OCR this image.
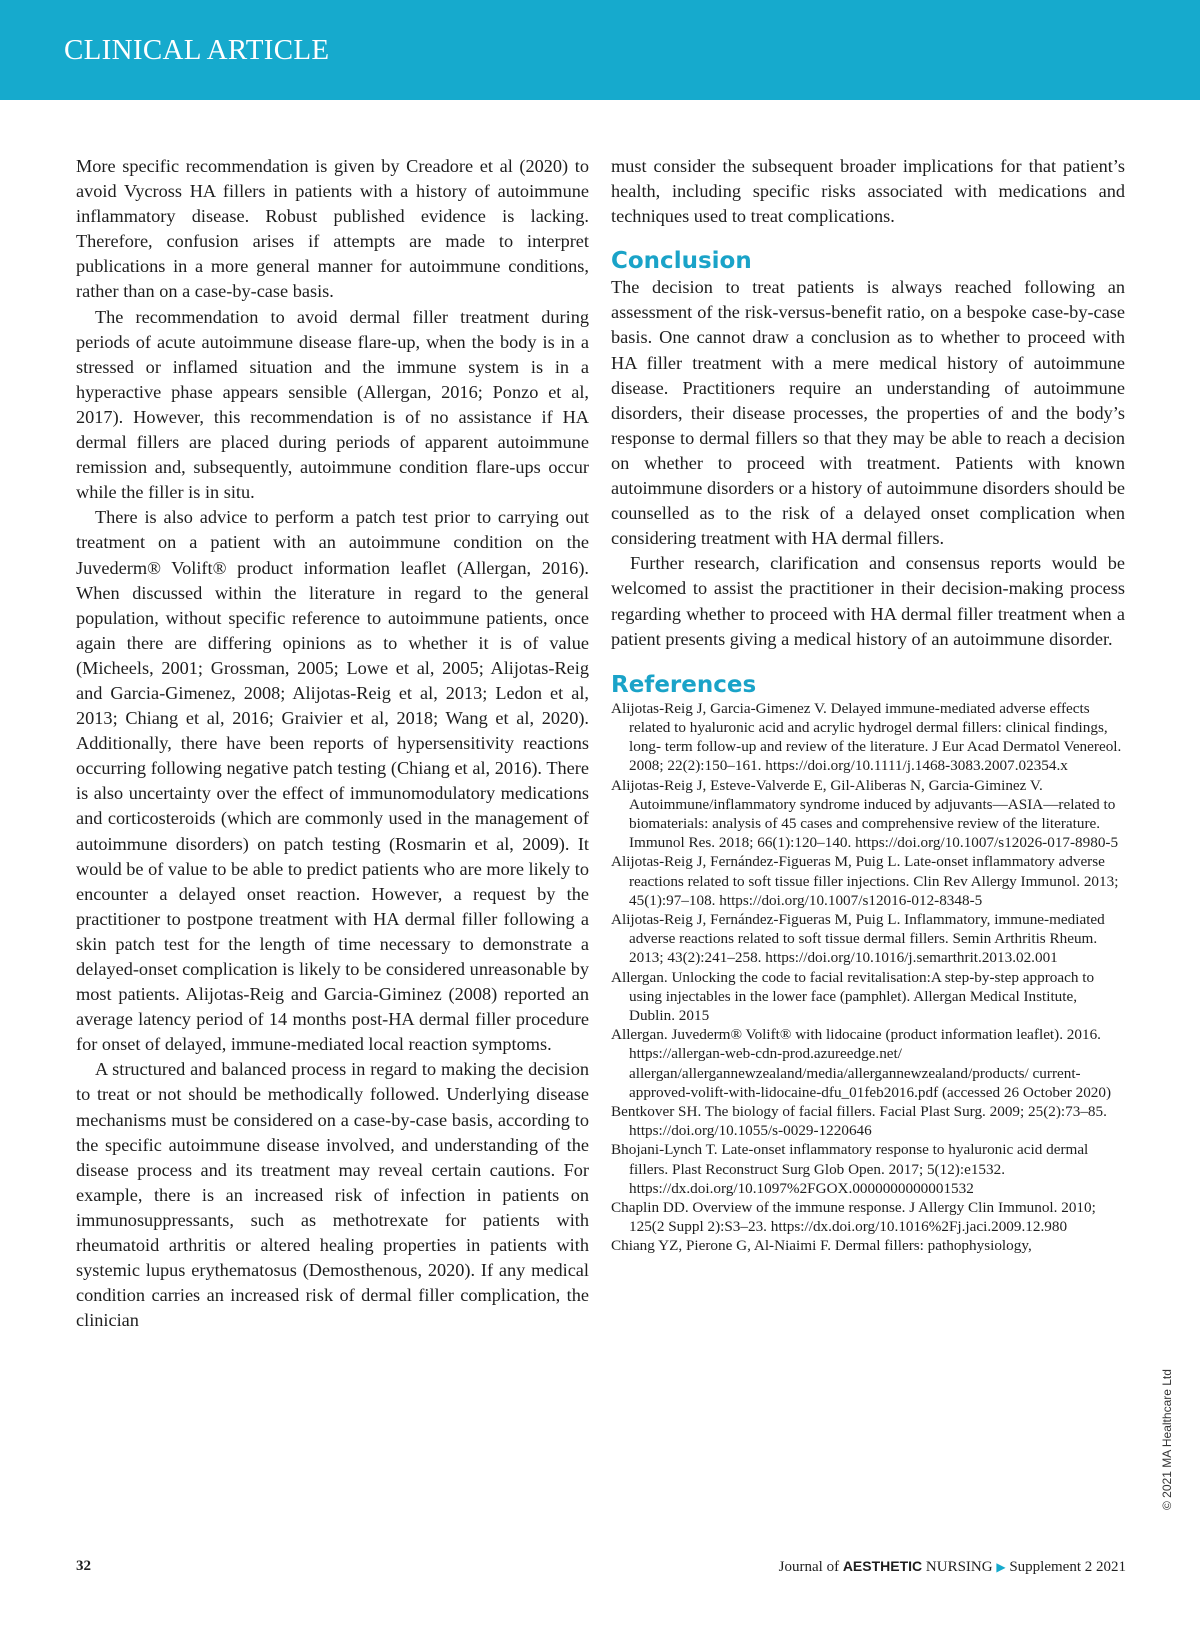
CLINICAL ARTICLE

More specific recommendation is given by Creadore et al (2020) to avoid Vycross HA fillers in patients with a history of autoimmune inflammatory disease. Robust published evidence is lacking. Therefore, confusion arises if attempts are made to interpret publications in a more general manner for autoimmune conditions, rather than on a case-by-case basis.

The recommendation to avoid dermal filler treatment during periods of acute autoimmune disease flare-up, when the body is in a stressed or inflamed situation and the immune system is in a hyperactive phase appears sensible (Allergan, 2016; Ponzo et al, 2017). However, this recommendation is of no assistance if HA dermal fillers are placed during periods of apparent autoimmune remission and, subsequently, autoimmune condition flare-ups occur while the filler is in situ.

There is also advice to perform a patch test prior to carrying out treatment on a patient with an autoimmune condition on the Juvederm® Volift® product information leaflet (Allergan, 2016). When discussed within the literature in regard to the general population, without specific reference to autoimmune patients, once again there are differing opinions as to whether it is of value (Micheels, 2001; Grossman, 2005; Lowe et al, 2005; Alijotas-Reig and Garcia-Gimenez, 2008; Alijotas-Reig et al, 2013; Ledon et al, 2013; Chiang et al, 2016; Graivier et al, 2018; Wang et al, 2020). Additionally, there have been reports of hypersensitivity reactions occurring following negative patch testing (Chiang et al, 2016). There is also uncertainty over the effect of immunomodulatory medications and corticosteroids (which are commonly used in the management of autoimmune disorders) on patch testing (Rosmarin et al, 2009). It would be of value to be able to predict patients who are more likely to encounter a delayed onset reaction. However, a request by the practitioner to postpone treatment with HA dermal filler following a skin patch test for the length of time necessary to demonstrate a delayed-onset complication is likely to be considered unreasonable by most patients. Alijotas-Reig and Garcia-Giminez (2008) reported an average latency period of 14 months post-HA dermal filler procedure for onset of delayed, immune-mediated local reaction symptoms.

A structured and balanced process in regard to making the decision to treat or not should be methodically followed. Underlying disease mechanisms must be considered on a case-by-case basis, according to the specific autoimmune disease involved, and understanding of the disease process and its treatment may reveal certain cautions. For example, there is an increased risk of infection in patients on immunosuppressants, such as methotrexate for patients with rheumatoid arthritis or altered healing properties in patients with systemic lupus erythematosus (Demosthenous, 2020). If any medical condition carries an increased risk of dermal filler complication, the clinician

must consider the subsequent broader implications for that patient’s health, including specific risks associated with medications and techniques used to treat complications.

Conclusion

The decision to treat patients is always reached following an assessment of the risk-versus-benefit ratio, on a bespoke case-by-case basis. One cannot draw a conclusion as to whether to proceed with HA filler treatment with a mere medical history of autoimmune disease. Practitioners require an understanding of autoimmune disorders, their disease processes, the properties of and the body’s response to dermal fillers so that they may be able to reach a decision on whether to proceed with treatment. Patients with known autoimmune disorders or a history of autoimmune disorders should be counselled as to the risk of a delayed onset complication when considering treatment with HA dermal fillers.

Further research, clarification and consensus reports would be welcomed to assist the practitioner in their decision-making process regarding whether to proceed with HA dermal filler treatment when a patient presents giving a medical history of an autoimmune disorder.

References

Alijotas-Reig J, Garcia-Gimenez V. Delayed immune-mediated adverse effects related to hyaluronic acid and acrylic hydrogel dermal fillers: clinical findings, long- term follow-up and review of the literature. J Eur Acad Dermatol Venereol. 2008; 22(2):150–161. https://doi.org/10.1111/j.1468-3083.2007.02354.x

Alijotas-Reig J, Esteve-Valverde E, Gil-Aliberas N, Garcia-Giminez V. Autoimmune/inflammatory syndrome induced by adjuvants—ASIA—related to biomaterials: analysis of 45 cases and comprehensive review of the literature. Immunol Res. 2018; 66(1):120–140. https://doi.org/10.1007/s12026-017-8980-5

Alijotas-Reig J, Fernández-Figueras M, Puig L. Late-onset inflammatory adverse reactions related to soft tissue filler injections. Clin Rev Allergy Immunol. 2013; 45(1):97–108. https://doi.org/10.1007/s12016-012-8348-5

Alijotas-Reig J, Fernández-Figueras M, Puig L. Inflammatory, immune-mediated adverse reactions related to soft tissue dermal fillers. Semin Arthritis Rheum. 2013; 43(2):241–258. https://doi.org/10.1016/j.semarthrit.2013.02.001

Allergan. Unlocking the code to facial revitalisation:A step-by-step approach to using injectables in the lower face (pamphlet). Allergan Medical Institute, Dublin. 2015

Allergan. Juvederm® Volift® with lidocaine (product information leaflet). 2016. https://allergan-web-cdn-prod.azureedge.net/ allergan/allergannewzealand/media/allergannewzealand/products/ current-approved-volift-with-lidocaine-dfu_01feb2016.pdf (accessed 26 October 2020)

Bentkover SH. The biology of facial fillers. Facial Plast Surg. 2009; 25(2):73–85. https://doi.org/10.1055/s-0029-1220646

Bhojani-Lynch T. Late-onset inflammatory response to hyaluronic acid dermal fillers. Plast Reconstruct Surg Glob Open. 2017; 5(12):e1532. https://dx.doi.org/10.1097%2FGOX.0000000000001532

Chaplin DD. Overview of the immune response. J Allergy Clin Immunol. 2010; 125(2 Suppl 2):S3–23. https://dx.doi.org/10.1016%2Fj.jaci.2009.12.980

Chiang YZ, Pierone G, Al-Niaimi F. Dermal fillers: pathophysiology,

© 2021 MA Healthcare Ltd
32	Journal of AESTHETIC NURSING ▶ Supplement 2 2021
